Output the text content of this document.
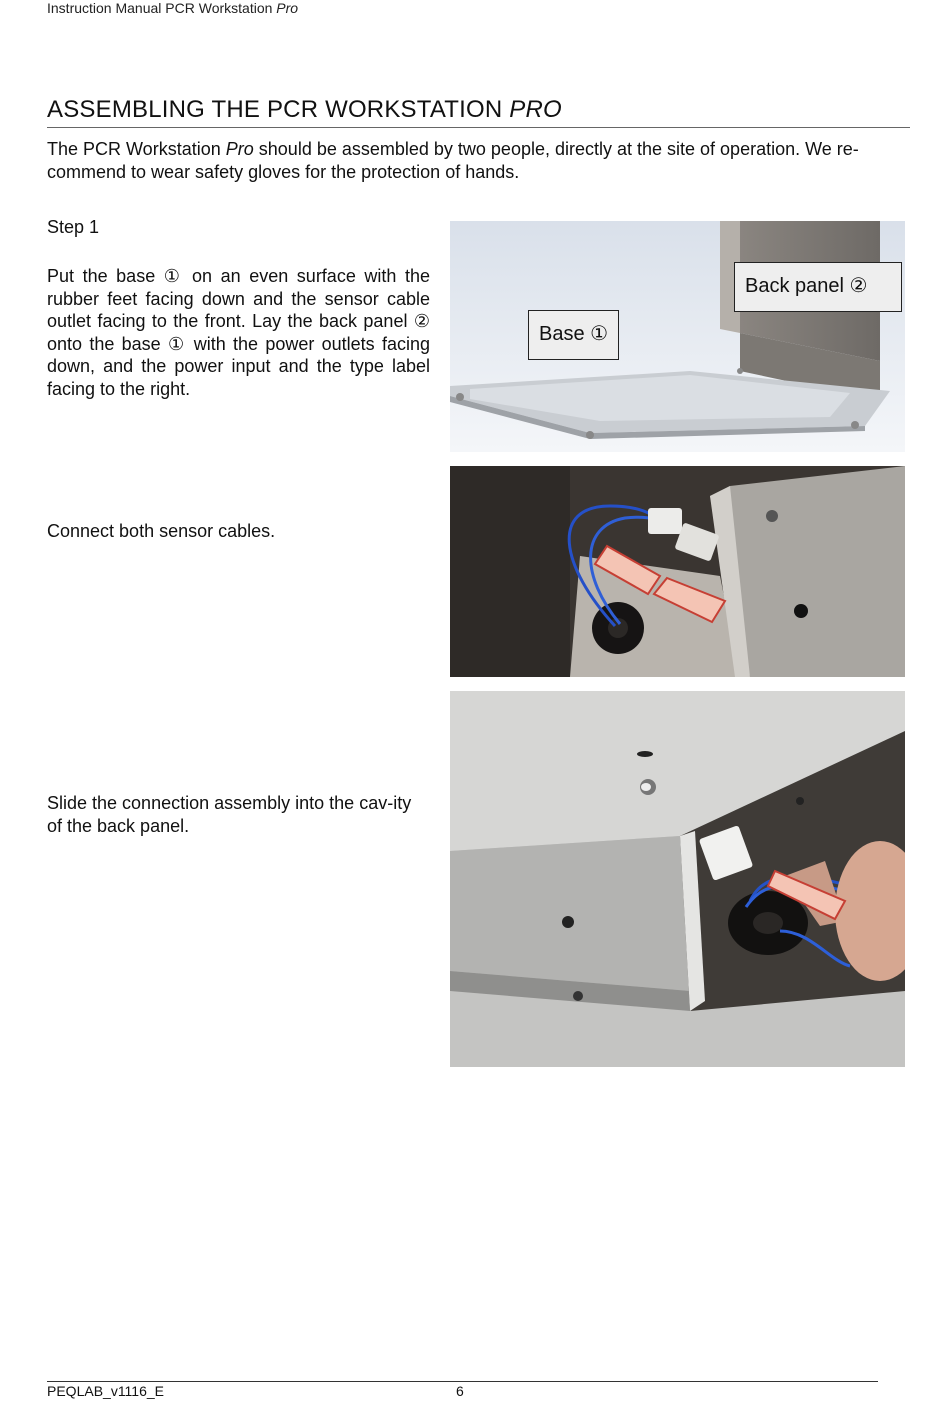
Instruction Manual PCR Workstation Pro
ASSEMBLING THE PCR WORKSTATION PRO
The PCR Workstation Pro should be assembled by two people, directly at the site of operation. We re-commend to wear safety gloves for the protection of hands.
Step 1
Put the base ① on an even surface with the rubber feet facing down and the sensor cable outlet facing to the front. Lay the back panel ② onto the base ① with the power outlets facing down, and the power input and the type label facing to the right.
Connect both sensor cables.
Slide the connection assembly into the cav-ity of the back panel.
Base ①
Back panel ②
PEQLAB_v1116_E	6
